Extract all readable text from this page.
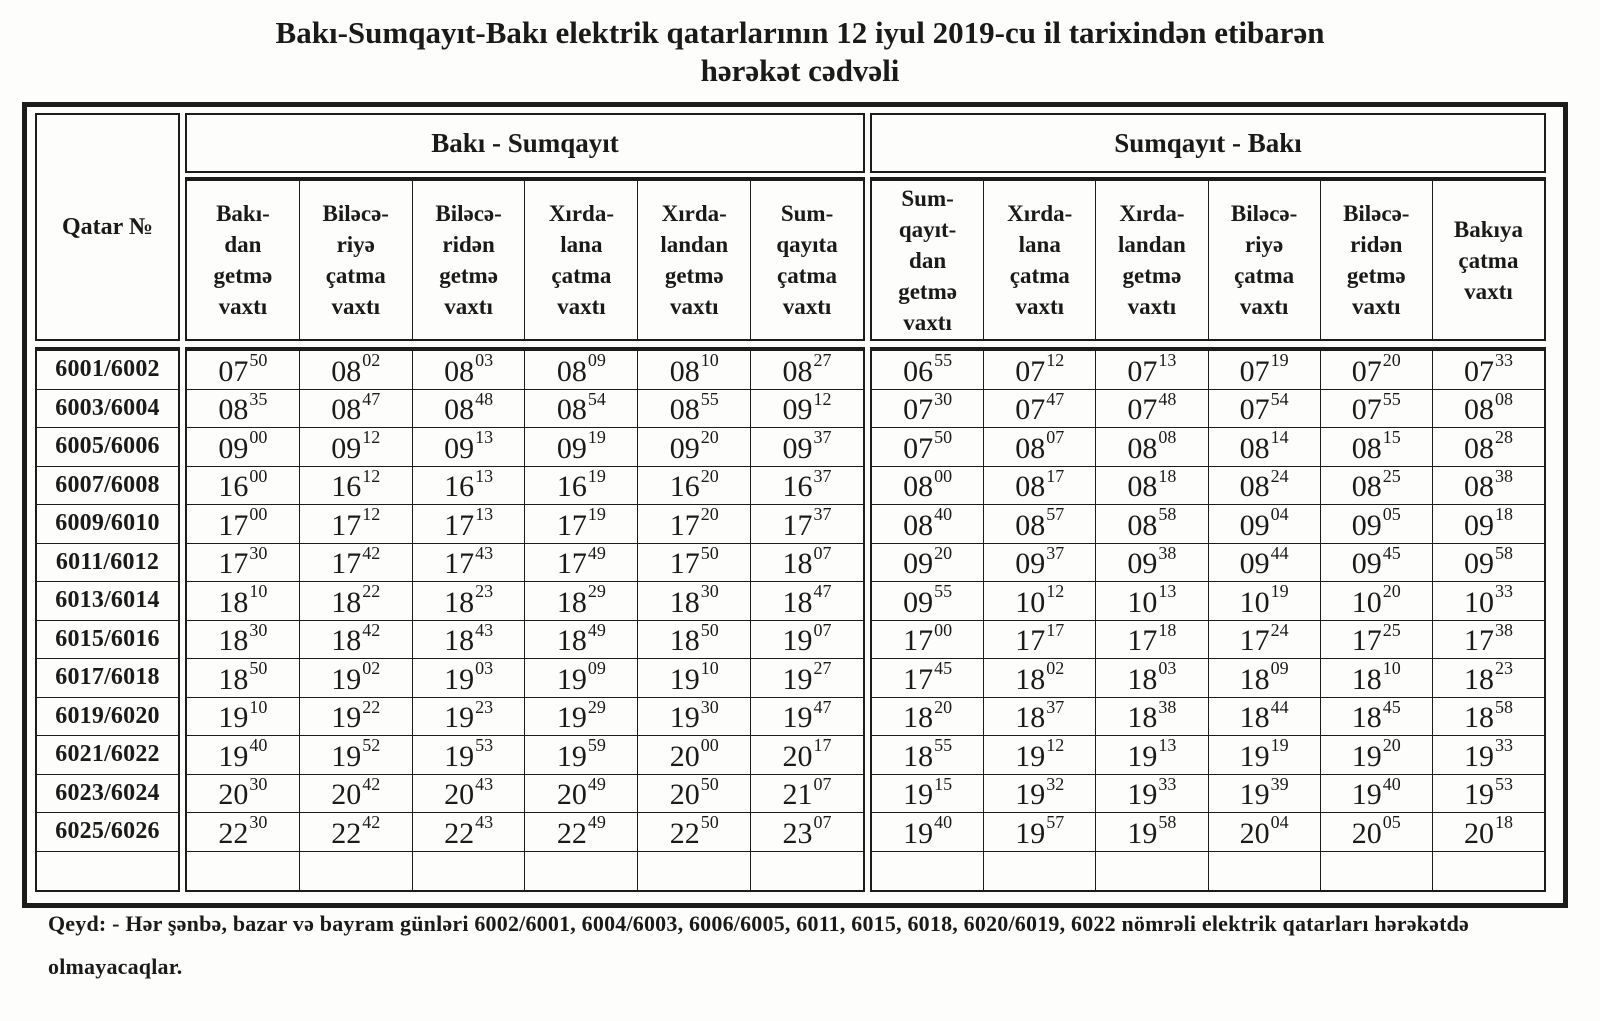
Bakı-Sumqayıt-Bakı elektrik qatarlarının 12 iyul 2019-cu il tarixindən etibarən
hərəkət cədvəli
Qatar №
6001/6002
6003/6004
6005/6006
6007/6008
6009/6010
6011/6012
6013/6014
6015/6016
6017/6018
6019/6020
6021/6022
6023/6024
6025/6026
Bakı - Sumqayıt
Bakı-
dan
getmə
vaxtı
Biləcə-
riyə
çatma
vaxtı
Biləcə-
ridən
getmə
vaxtı
Xırda-
lana
çatma
vaxtı
Xırda-
landan
getmə
vaxtı
Sum-
qayıta
çatma
vaxtı
07 50 08 02 08 03 08 09 08 10 08 27
08 35 08 47 08 48 08 54 08 55 09 12
09 00 09 12 09 13 09 19 09 20 09 37
16 00 16 12 16 13 16 19 16 20 16 37
17 00 17 12 17 13 17 19 17 20 17 37
17 30 17 42 17 43 17 49 17 50 18 07
18 10 18 22 18 23 18 29 18 30 18 47
18 30 18 42 18 43 18 49 18 50 19 07
18 50 19 02 19 03 19 09 19 10 19 27
19 10 19 22 19 23 19 29 19 30 19 47
19 40 19 52 19 53 19 59 20 00 20 17
20 30 20 42 20 43 20 49 20 50 21 07
22 30 22 42 22 43 22 49 22 50 23 07
Sumqayıt - Bakı
Sum-
qayıt-
dan
getmə
vaxtı
Xırda-
lana
çatma
vaxtı
Xırda-
landan
getmə
vaxtı
Biləcə-
riyə
çatma
vaxtı
Biləcə-
ridən
getmə
vaxtı
Bakıya
çatma
vaxtı
06 55 07 12 07 13 07 19 07 20 07 33
07 30 07 47 07 48 07 54 07 55 08 08
07 50 08 07 08 08 08 14 08 15 08 28
08 00 08 17 08 18 08 24 08 25 08 38
08 40 08 57 08 58 09 04 09 05 09 18
09 20 09 37 09 38 09 44 09 45 09 58
09 55 10 12 10 13 10 19 10 20 10 33
17 00 17 17 17 18 17 24 17 25 17 38
17 45 18 02 18 03 18 09 18 10 18 23
18 20 18 37 18 38 18 44 18 45 18 58
18 55 19 12 19 13 19 19 19 20 19 33
19 15 19 32 19 33 19 39 19 40 19 53
19 40 19 57 19 58 20 04 20 05 20 18
Qeyd: - Hər şənbə, bazar və bayram günləri 6002/6001, 6004/6003, 6006/6005, 6011, 6015, 6018, 6020/6019, 6022 nömrəli elektrik qatarları hərəkətdə olmayacaqlar.
